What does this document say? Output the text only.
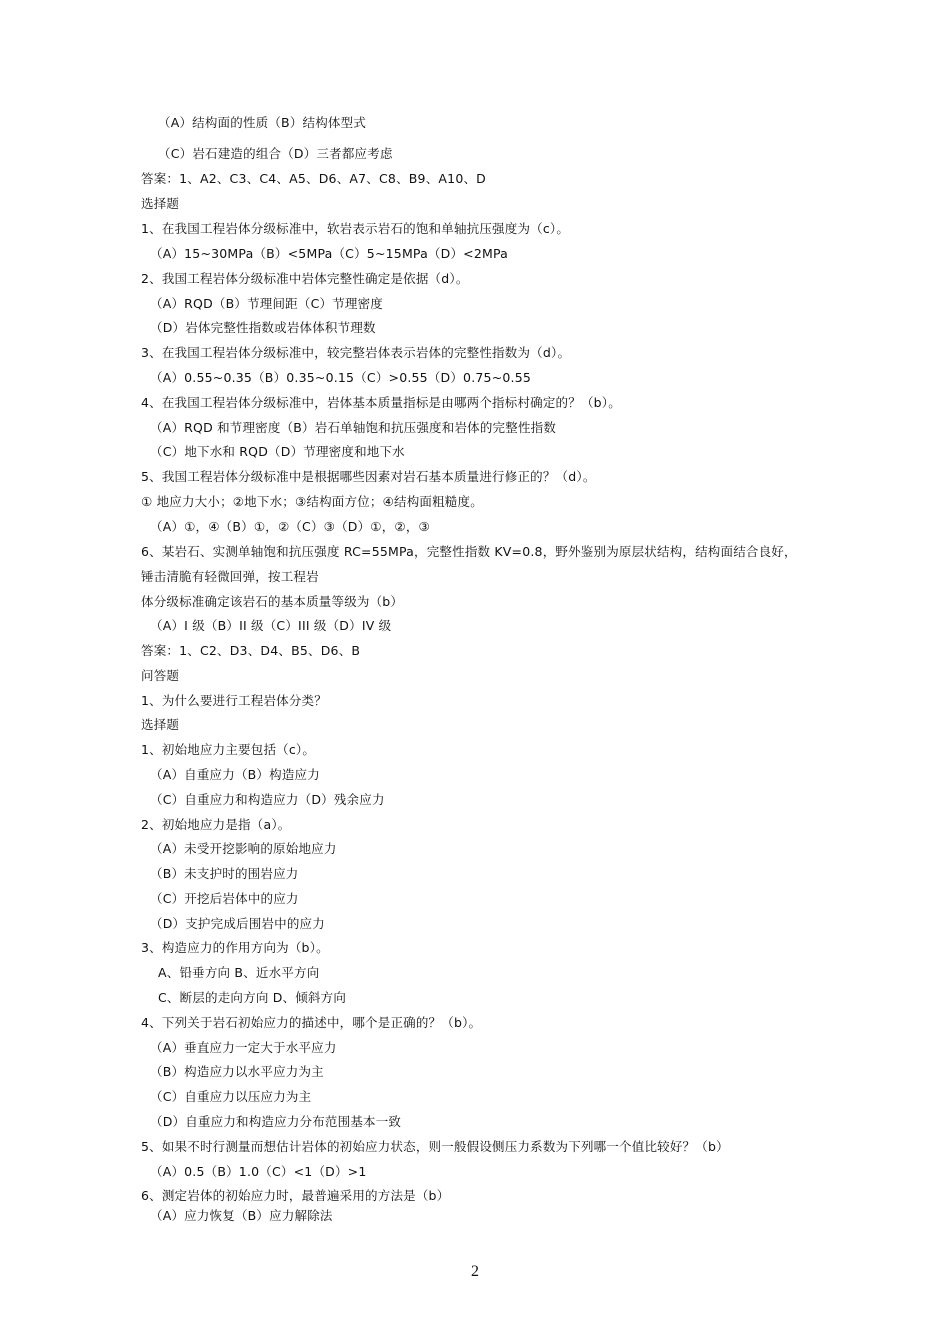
（A）结构面的性质（B）结构体型式
（C）岩石建造的组合（D）三者都应考虑
答案：1、A2、C3、C4、A5、D6、A7、C8、B9、A10、D
选择题
1、在我国工程岩体分级标准中，软岩表示岩石的饱和单轴抗压强度为（c）。
（A）15~30MPa（B）<5MPa（C）5~15MPa（D）<2MPa
2、我国工程岩体分级标准中岩体完整性确定是依据（d）。
（A）RQD（B）节理间距（C）节理密度
（D）岩体完整性指数或岩体体积节理数
3、在我国工程岩体分级标准中，较完整岩体表示岩体的完整性指数为（d）。
（A）0.55~0.35（B）0.35~0.15（C）>0.55（D）0.75~0.55
4、在我国工程岩体分级标准中，岩体基本质量指标是由哪两个指标村确定的？（b）。
（A）RQD 和节理密度（B）岩石单轴饱和抗压强度和岩体的完整性指数
（C）地下水和 RQD（D）节理密度和地下水
5、我国工程岩体分级标准中是根据哪些因素对岩石基本质量进行修正的？（d）。
① 地应力大小；②地下水；③结构面方位；④结构面粗糙度。
（A）①，④（B）①，②（C）③（D）①，②，③
6、某岩石、实测单轴饱和抗压强度 RC=55MPa，完整性指数 KV=0.8，野外鉴别为原层状结构，结构面结合良好，
锤击清脆有轻微回弹，按工程岩
体分级标准确定该岩石的基本质量等级为（b）
（A）I 级（B）II 级（C）III 级（D）IV 级
答案：1、C2、D3、D4、B5、D6、B
问答题
1、为什么要进行工程岩体分类？
选择题
1、初始地应力主要包括（c）。
（A）自重应力（B）构造应力
（C）自重应力和构造应力（D）残余应力
2、初始地应力是指（a）。
（A）未受开挖影响的原始地应力
（B）未支护时的围岩应力
（C）开挖后岩体中的应力
（D）支护完成后围岩中的应力
3、构造应力的作用方向为（b）。
A、铅垂方向 B、近水平方向
C、断层的走向方向 D、倾斜方向
4、下列关于岩石初始应力的描述中，哪个是正确的？（b）。
（A）垂直应力一定大于水平应力
（B）构造应力以水平应力为主
（C）自重应力以压应力为主
（D）自重应力和构造应力分布范围基本一致
5、如果不时行测量而想估计岩体的初始应力状态，则一般假设侧压力系数为下列哪一个值比较好？（b）
（A）0.5（B）1.0（C）<1（D）>1
6、测定岩体的初始应力时，最普遍采用的方法是（b）
（A）应力恢复（B）应力解除法
2
